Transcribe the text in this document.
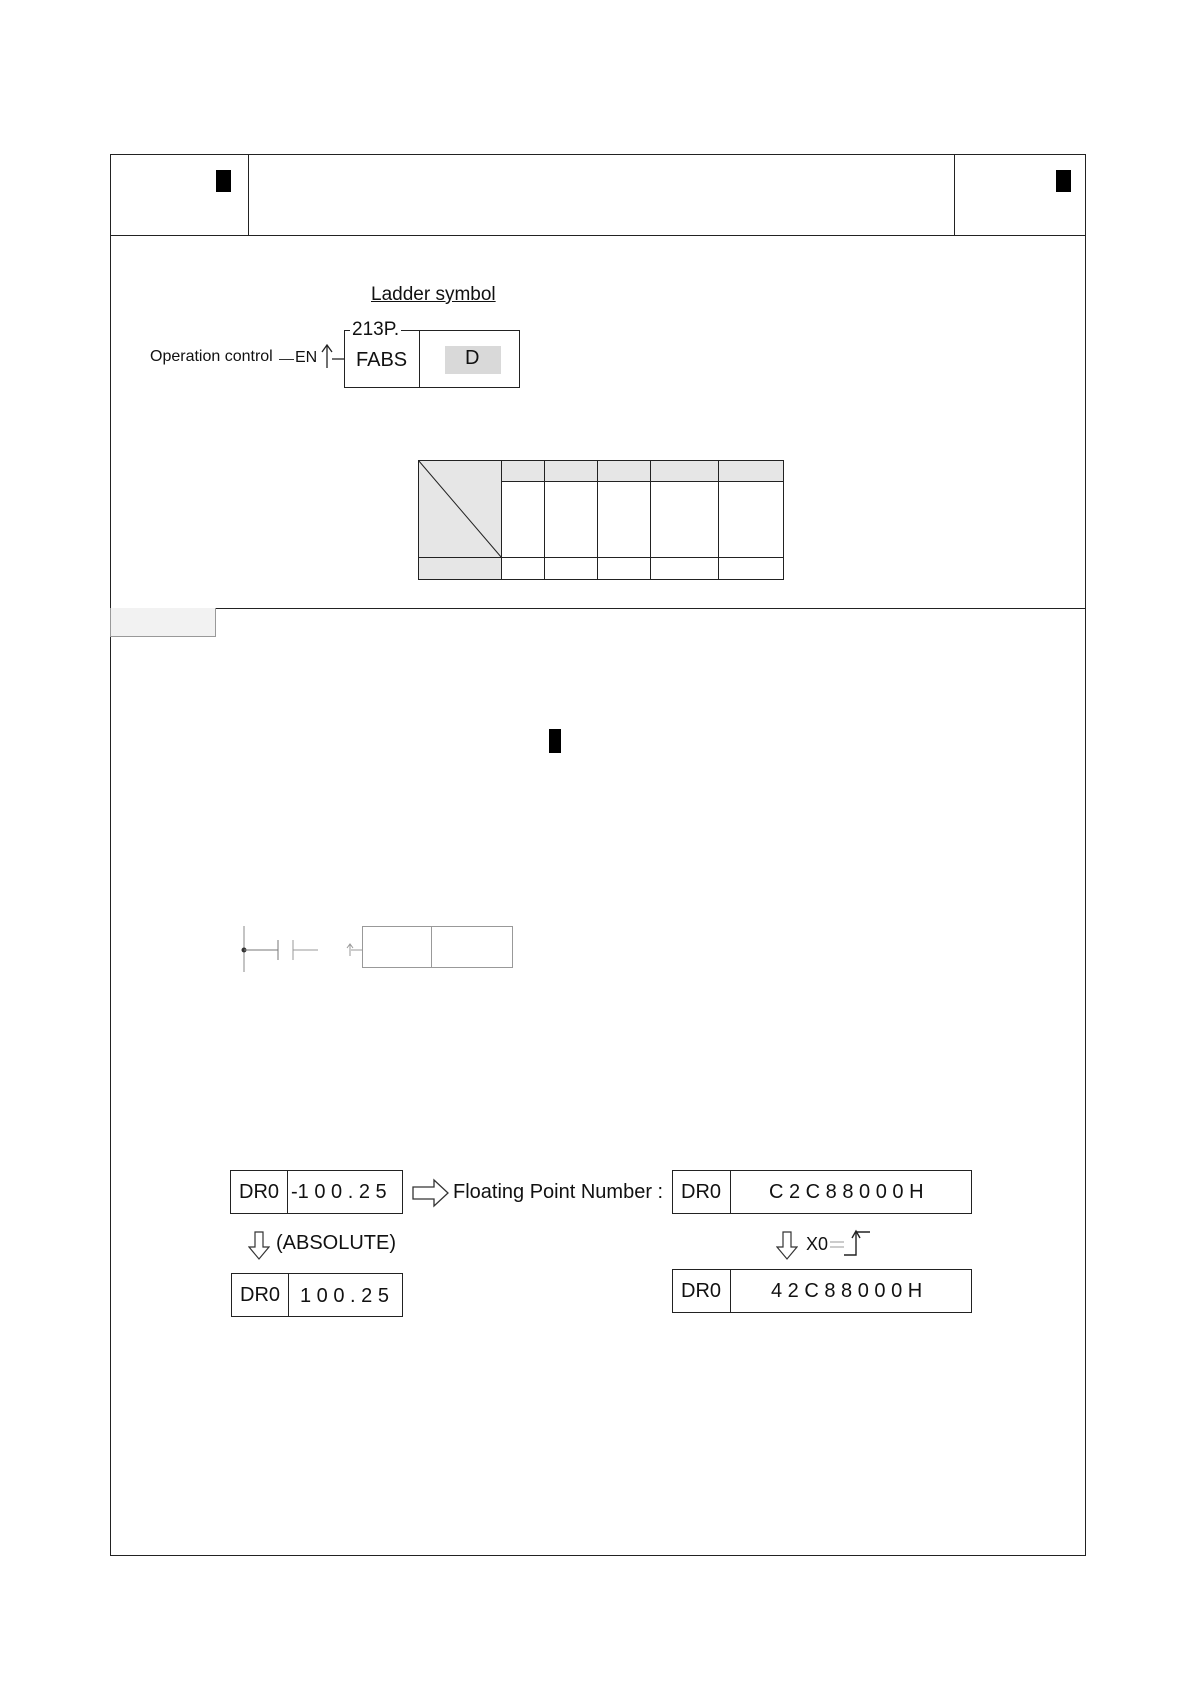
Ladder symbol
Operation control EN
213P.
FABS	D
DR0 -1 0 0 . 2 5	Floating Point Number : DR0 C 2 C 8 8 0 0 0 H
(ABSOLUTE)	X0
DR0 1 0 0 . 2 5	DR0 4 2 C 8 8 0 0 0 H
